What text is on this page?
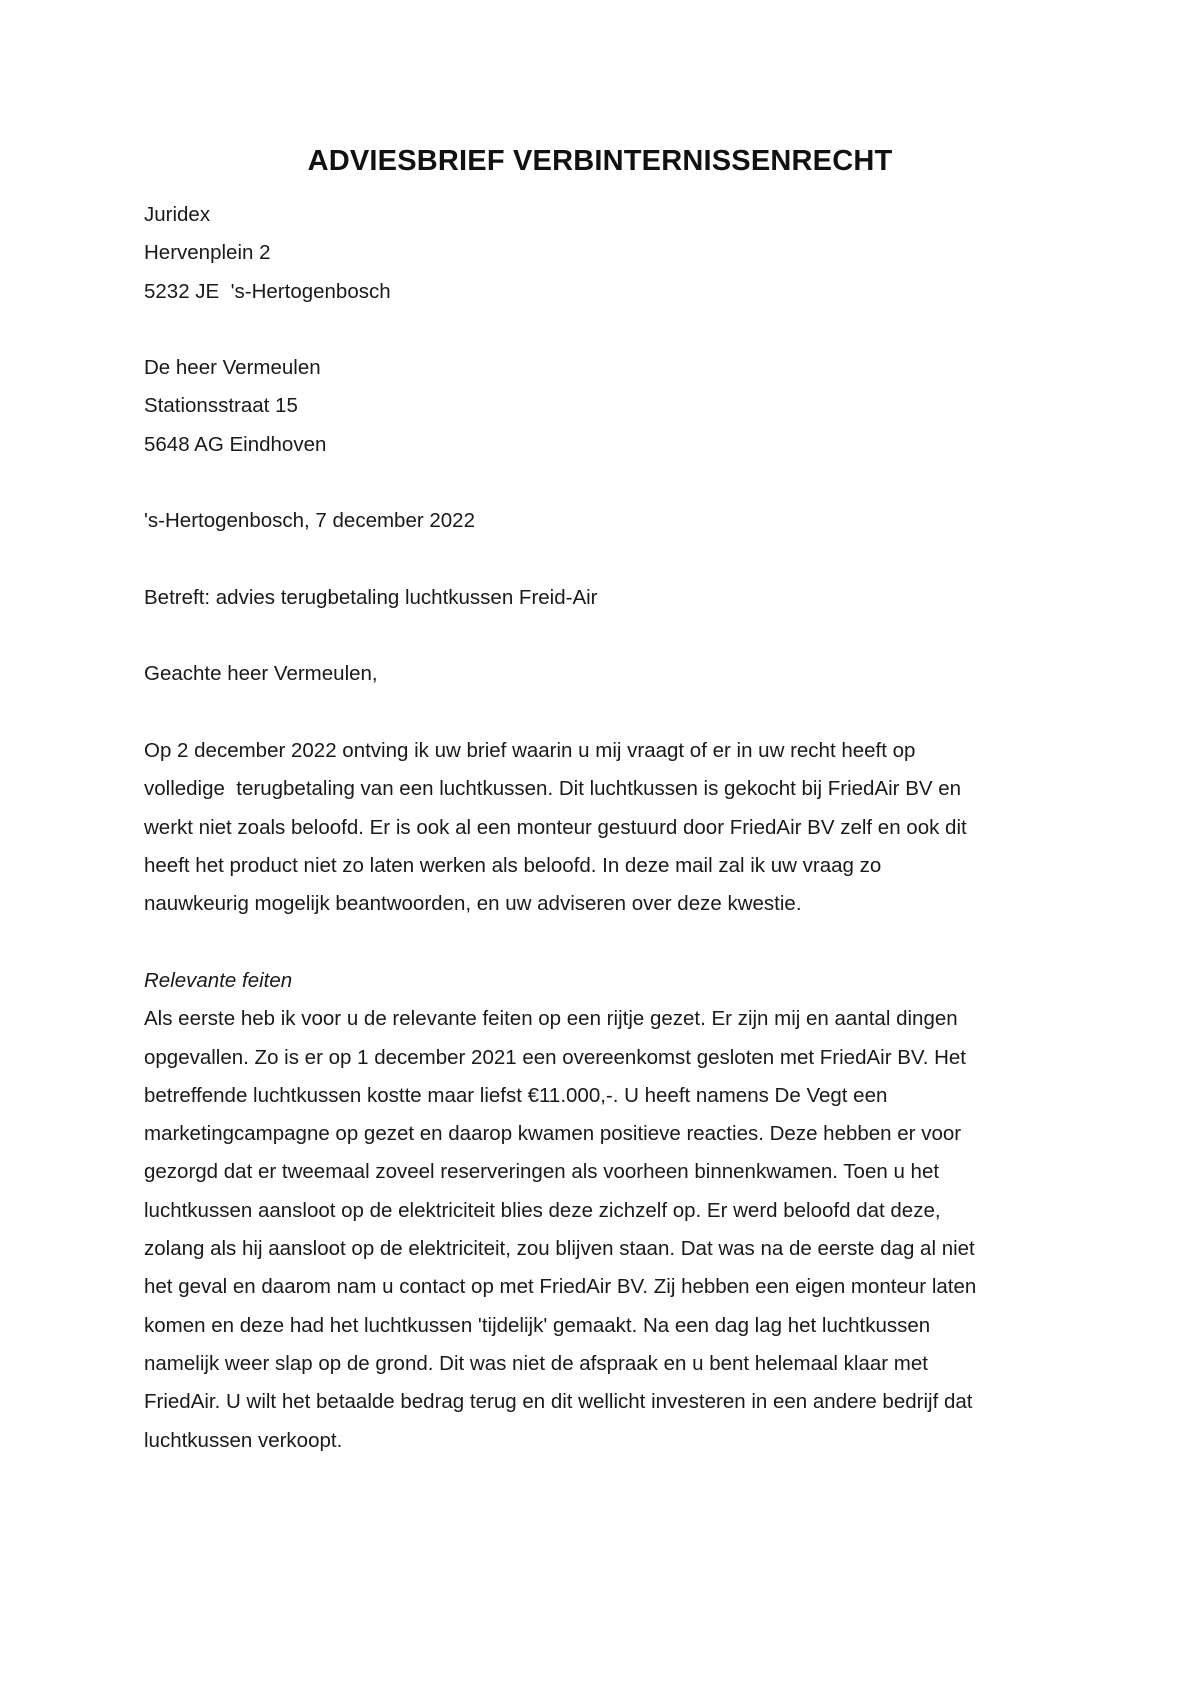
ADVIESBRIEF VERBINTERNISSENRECHT
Juridex
Hervenplein 2
5232 JE  's-Hertogenbosch
De heer Vermeulen
Stationsstraat 15
5648 AG Eindhoven
's-Hertogenbosch, 7 december 2022
Betreft: advies terugbetaling luchtkussen Freid-Air
Geachte heer Vermeulen,
Op 2 december 2022 ontving ik uw brief waarin u mij vraagt of er in uw recht heeft op
volledige  terugbetaling van een luchtkussen. Dit luchtkussen is gekocht bij FriedAir BV en
werkt niet zoals beloofd. Er is ook al een monteur gestuurd door FriedAir BV zelf en ook dit
heeft het product niet zo laten werken als beloofd. In deze mail zal ik uw vraag zo
nauwkeurig mogelijk beantwoorden, en uw adviseren over deze kwestie.
Relevante feiten
Als eerste heb ik voor u de relevante feiten op een rijtje gezet. Er zijn mij en aantal dingen
opgevallen. Zo is er op 1 december 2021 een overeenkomst gesloten met FriedAir BV. Het
betreffende luchtkussen kostte maar liefst €11.000,-. U heeft namens De Vegt een
marketingcampagne op gezet en daarop kwamen positieve reacties. Deze hebben er voor
gezorgd dat er tweemaal zoveel reserveringen als voorheen binnenkwamen. Toen u het
luchtkussen aansloot op de elektriciteit blies deze zichzelf op. Er werd beloofd dat deze,
zolang als hij aansloot op de elektriciteit, zou blijven staan. Dat was na de eerste dag al niet
het geval en daarom nam u contact op met FriedAir BV. Zij hebben een eigen monteur laten
komen en deze had het luchtkussen 'tijdelijk' gemaakt. Na een dag lag het luchtkussen
namelijk weer slap op de grond. Dit was niet de afspraak en u bent helemaal klaar met
FriedAir. U wilt het betaalde bedrag terug en dit wellicht investeren in een andere bedrijf dat
luchtkussen verkoopt.
